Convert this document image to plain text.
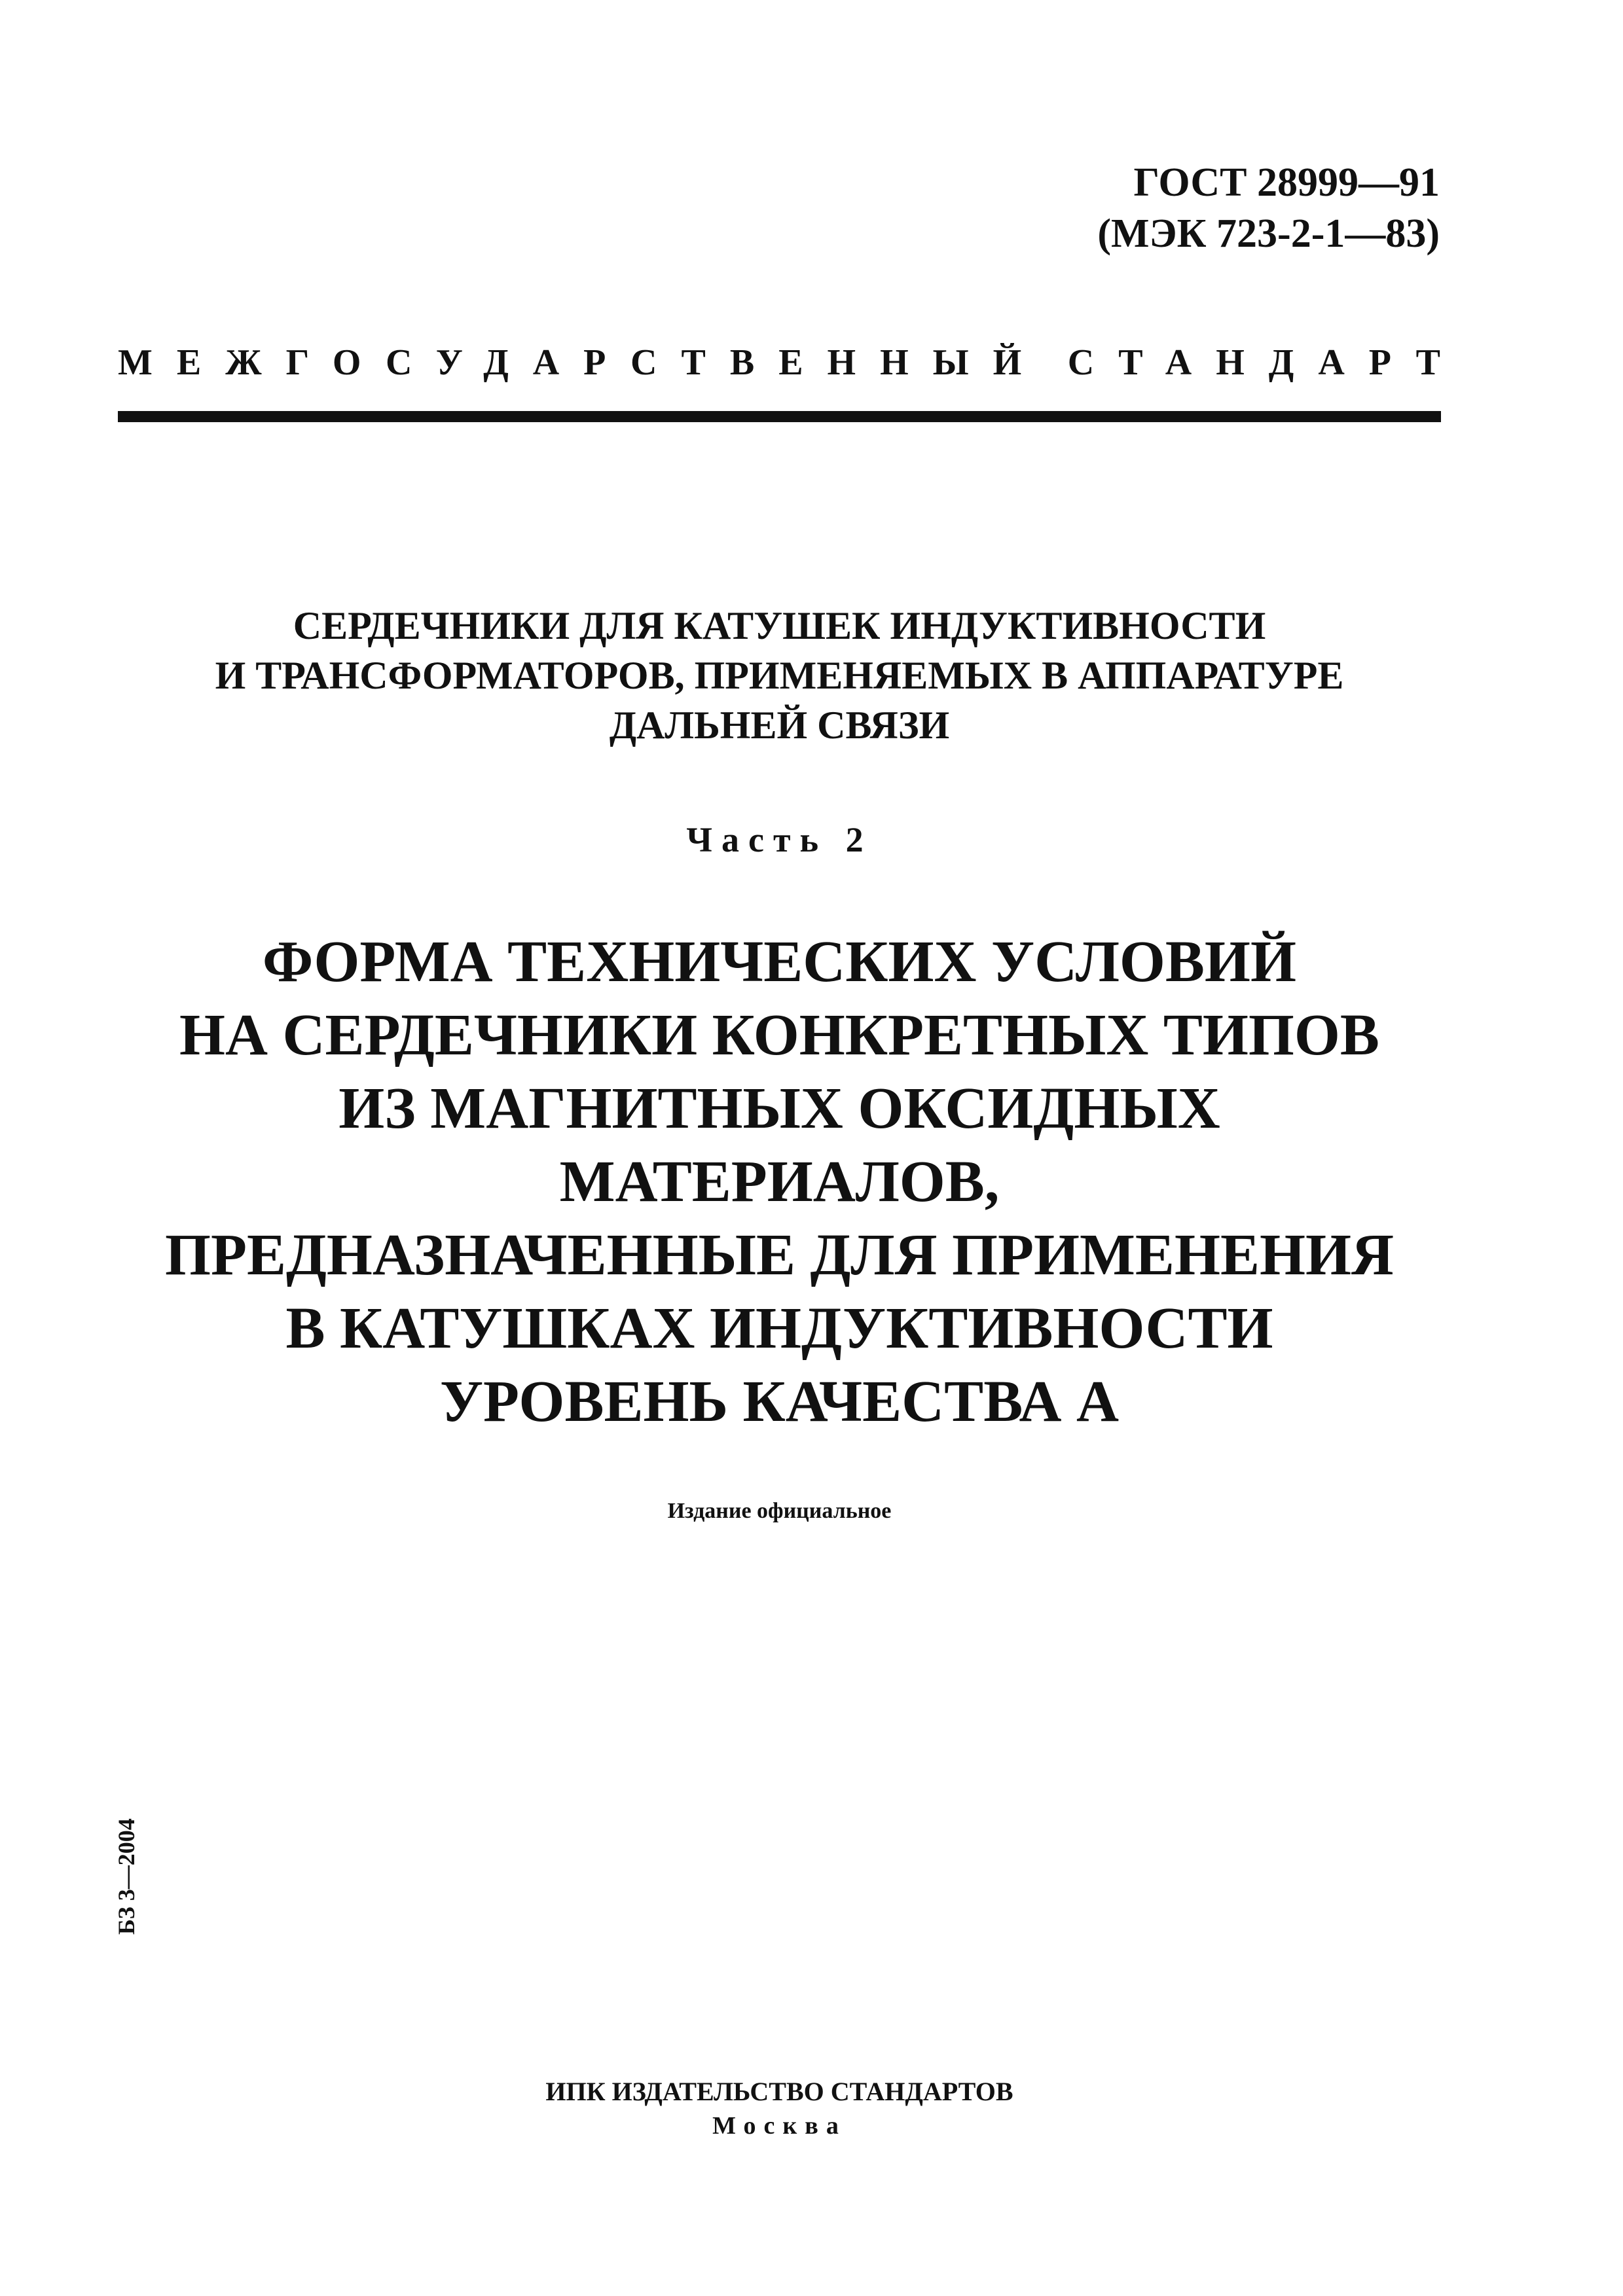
ГОСТ 28999—91
(МЭК 723-2-1—83)
МЕЖГОСУДАРСТВЕННЫЙ СТАНДАРТ
СЕРДЕЧНИКИ ДЛЯ КАТУШЕК ИНДУКТИВНОСТИ
И ТРАНСФОРМАТОРОВ, ПРИМЕНЯЕМЫХ В АППАРАТУРЕ
ДАЛЬНЕЙ СВЯЗИ
Часть 2
ФОРМА ТЕХНИЧЕСКИХ УСЛОВИЙ
НА СЕРДЕЧНИКИ КОНКРЕТНЫХ ТИПОВ
ИЗ МАГНИТНЫХ ОКСИДНЫХ МАТЕРИАЛОВ,
ПРЕДНАЗНАЧЕННЫЕ ДЛЯ ПРИМЕНЕНИЯ
В КАТУШКАХ ИНДУКТИВНОСТИ
УРОВЕНЬ КАЧЕСТВА А
Издание официальное
БЗ 3—2004
ИПК ИЗДАТЕЛЬСТВО СТАНДАРТОВ
Москва
